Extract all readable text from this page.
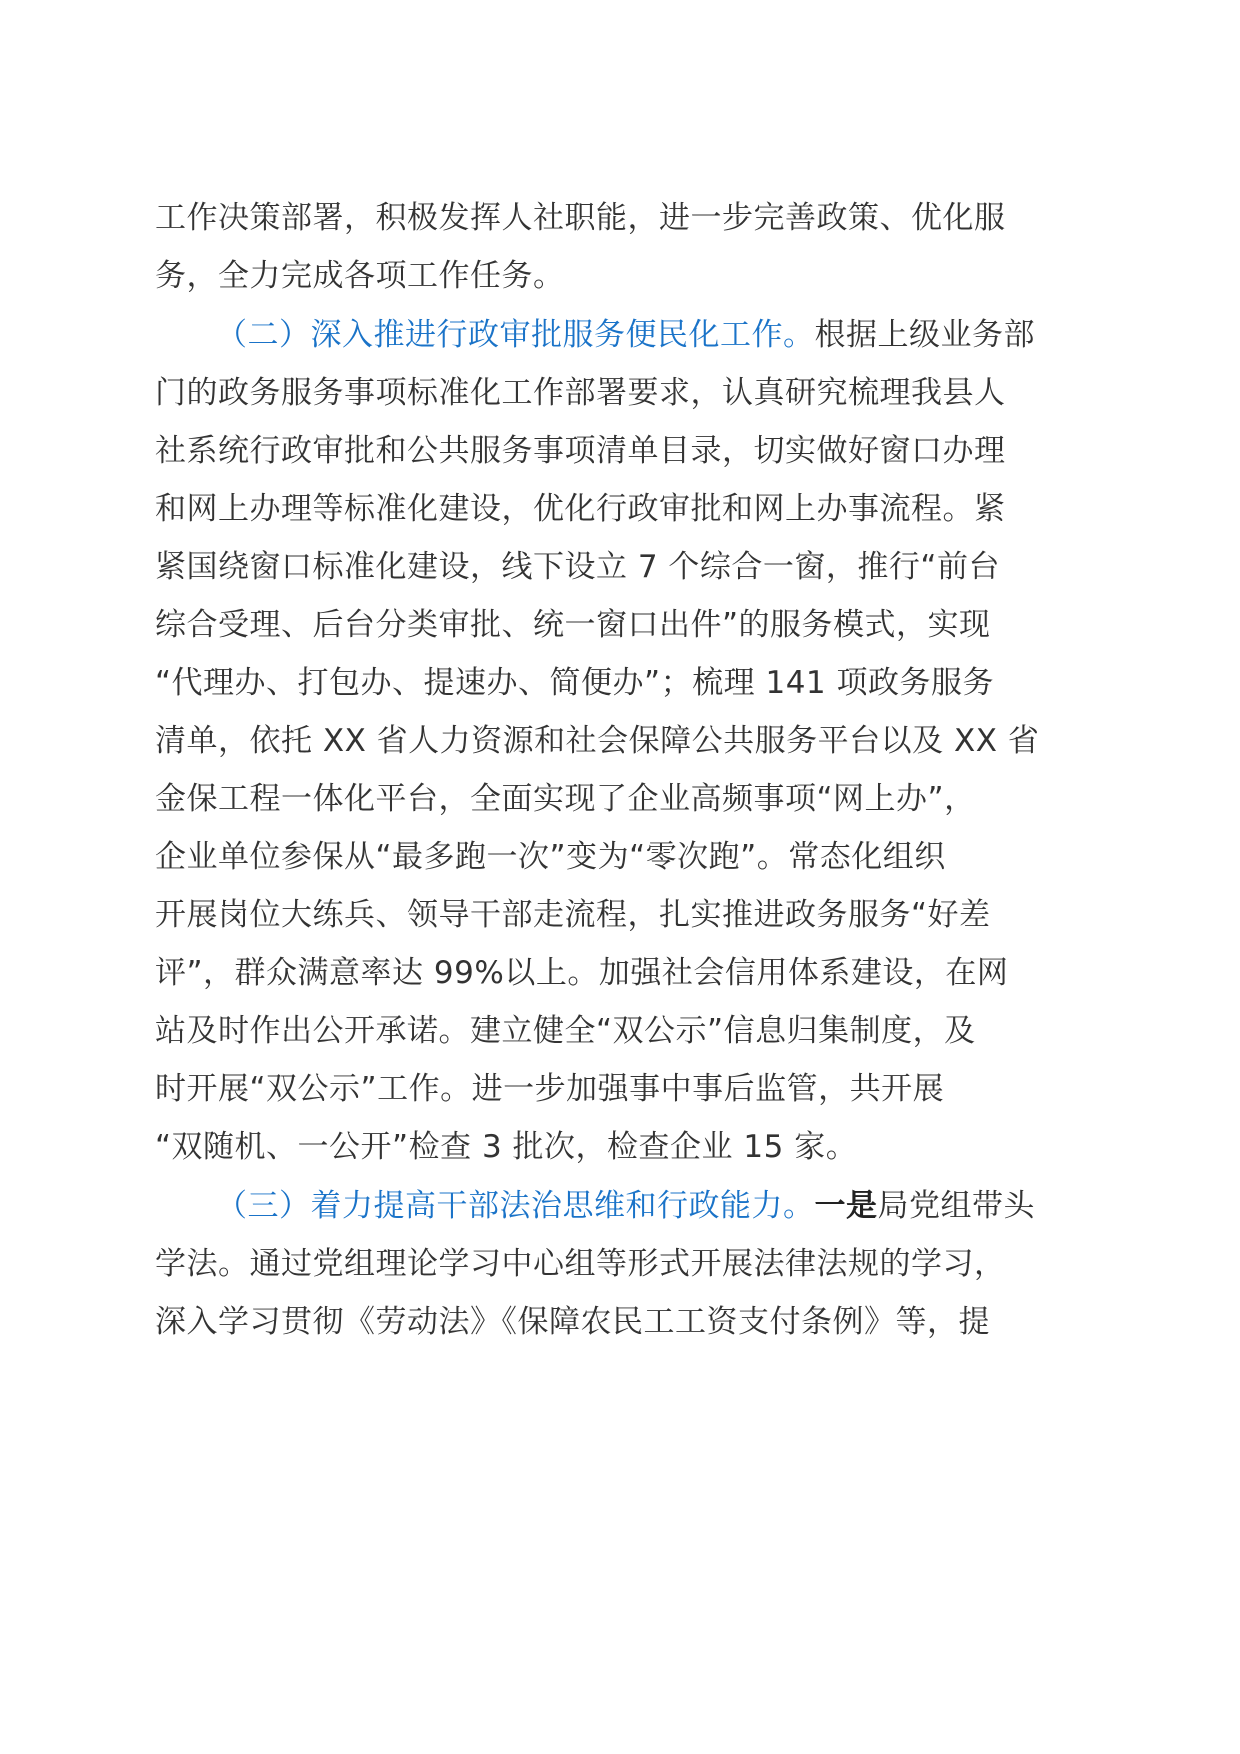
工作决策部署，积极发挥人社职能，进一步完善政策、优化服
务，全力完成各项工作任务。
（二）深入推进行政审批服务便民化工作。根据上级业务部
门的政务服务事项标准化工作部署要求，认真研究梳理我县人
社系统行政审批和公共服务事项清单目录，切实做好窗口办理
和网上办理等标准化建设，优化行政审批和网上办事流程。紧
紧国绕窗口标准化建设，线下设立 7 个综合一窗，推行“前台
综合受理、后台分类审批、统一窗口出件”的服务模式，实现
“代理办、打包办、提速办、简便办”；梳理 141 项政务服务
清单，依托 XX 省人力资源和社会保障公共服务平台以及 XX 省
金保工程一体化平台，全面实现了企业高频事项“网上办”，
企业单位参保从“最多跑一次”变为“零次跑”。常态化组织
开展岗位大练兵、领导干部走流程，扎实推进政务服务“好差
评”，群众满意率达 99%以上。加强社会信用体系建设，在网
站及时作出公开承诺。建立健全“双公示”信息归集制度，及
时开展“双公示”工作。进一步加强事中事后监管，共开展
“双随机、一公开”检查 3 批次，检查企业 15 家。
（三）着力提高干部法治思维和行政能力。一是局党组带头
学法。通过党组理论学习中心组等形式开展法律法规的学习，
深入学习贯彻《劳动法》《保障农民工工资支付条例》等，提
